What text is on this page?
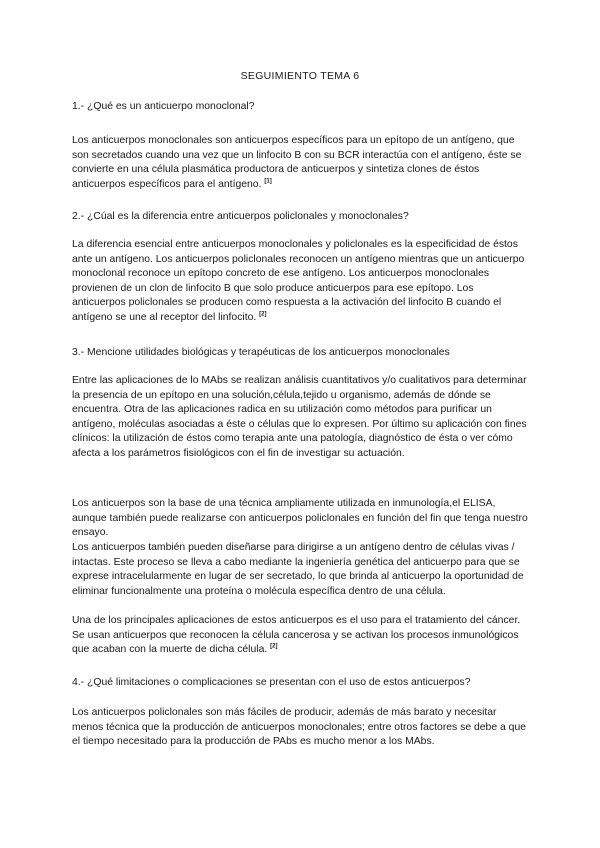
SEGUIMIENTO TEMA 6
1.- ¿Qué es un anticuerpo monoclonal?

Los anticuerpos monoclonales son anticuerpos específicos para un epítopo de un antígeno, que son secretados cuando una vez que un linfocito B con su BCR interactúa con el antígeno, éste se convierte en una célula plasmática productora de anticuerpos y sintetiza clones de éstos anticuerpos específicos para el antígeno. [1]

2.- ¿Cúal es la diferencia entre anticuerpos policlonales y monoclonales?

La diferencia esencial entre anticuerpos monoclonales y policlonales es la especificidad de éstos ante un antígeno. Los anticuerpos policlonales reconocen un antígeno mientras que un anticuerpo monoclonal reconoce un epítopo concreto de ese antígeno. Los anticuerpos monoclonales provienen de un clon de linfocito B que solo produce anticuerpos para ese epítopo. Los anticuerpos policlonales se producen como respuesta a la activación del linfocito B cuando el antígeno se une al receptor del linfocito. [2]

3.- Mencione utilidades biológicas y terapéuticas de los anticuerpos monoclonales

Entre las aplicaciones de lo MAbs se realizan análisis cuantitativos y/o cualitativos para determinar la presencia de un epítopo en una solución,célula,tejido u organismo, además de dónde se encuentra. Otra de las aplicaciones radica en su utilización como métodos para purificar un antígeno, moléculas asociadas a éste o células que lo expresen. Por último su aplicación con fines clínicos: la utilización de éstos como terapia ante una patología, diagnóstico de ésta o ver cómo afecta a los parámetros fisiológicos con el fin de investigar su actuación.

Los anticuerpos son la base de una técnica ampliamente utilizada en inmunología,el ELISA, aunque también puede realizarse con anticuerpos policlonales en función del fin que tenga nuestro ensayo.

Los anticuerpos también pueden diseñarse para dirigirse a un antígeno dentro de células vivas / intactas. Este proceso se lleva a cabo mediante la ingeniería genética del anticuerpo para que se exprese intracelularmente en lugar de ser secretado, lo que brinda al anticuerpo la oportunidad de eliminar funcionalmente una proteína o molécula específica dentro de una célula.

Una de los principales aplicaciones de estos anticuerpos es el uso para el tratamiento del cáncer. Se usan anticuerpos que reconocen la célula cancerosa y se activan los procesos inmunológicos que acaban con la muerte de dicha célula. [2]

4.- ¿Qué limitaciones o complicaciones se presentan con el uso de estos anticuerpos?

Los anticuerpos policlonales son más fáciles de producir, además de más barato y necesitar menos técnica que la producción de anticuerpos monoclonales; entre otros factores se debe a que el tiempo necesitado para la producción de PAbs es mucho menor a los MAbs.
